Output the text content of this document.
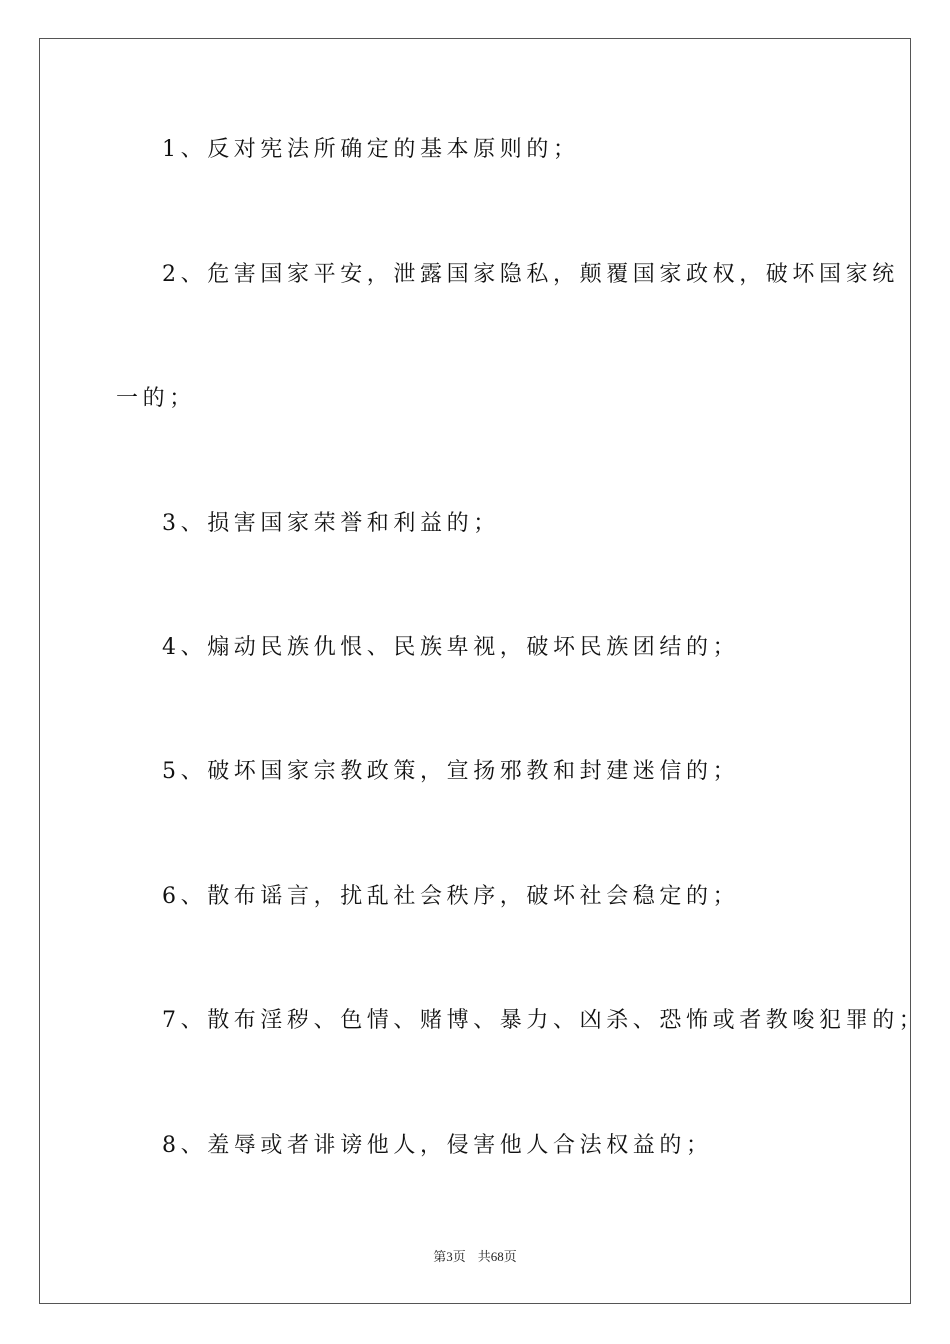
1、反对宪法所确定的基本原则的；
2、危害国家平安，泄露国家隐私，颠覆国家政权，破坏国家统
一的；
3、损害国家荣誉和利益的；
4、煽动民族仇恨、民族卑视，破坏民族团结的；
5、破坏国家宗教政策，宣扬邪教和封建迷信的；
6、散布谣言，扰乱社会秩序，破坏社会稳定的；
7、散布淫秽、色情、赌博、暴力、凶杀、恐怖或者教唆犯罪的；
8、羞辱或者诽谤他人，侵害他人合法权益的；
第3页 共68页
